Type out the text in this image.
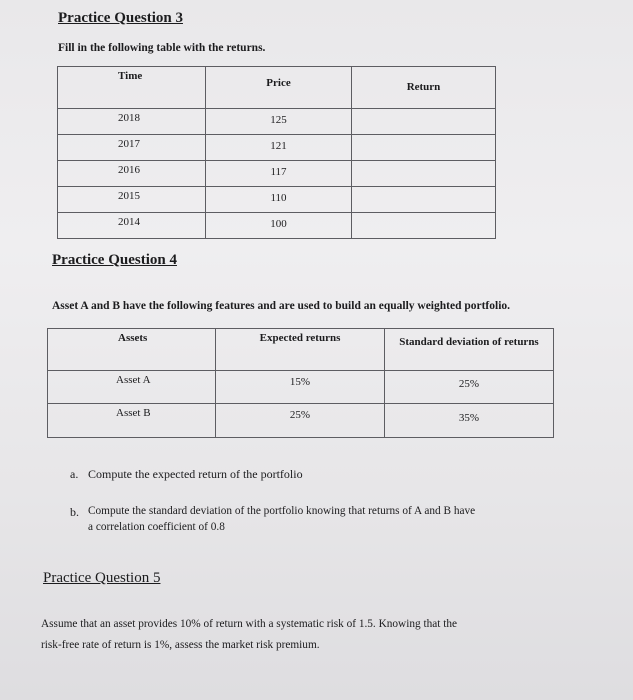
Practice Question 3
Fill in the following table with the returns.
Time	Price	Return
2018	125	
2017	121	
2016	117	
2015	110	
2014	100	
Practice Question 4
Asset A and B have the following features and are used to build an equally weighted portfolio.
Assets	Expected returns	Standard deviation of returns
Asset A	15%	25%
Asset B	25%	35%
a. Compute the expected return of the portfolio
b. Compute the standard deviation of the portfolio knowing that returns of A and B have
a correlation coefficient of 0.8
Practice Question 5
Assume that an asset provides 10% of return with a systematic risk of 1.5. Knowing that the
risk-free rate of return is 1%, assess the market risk premium.
